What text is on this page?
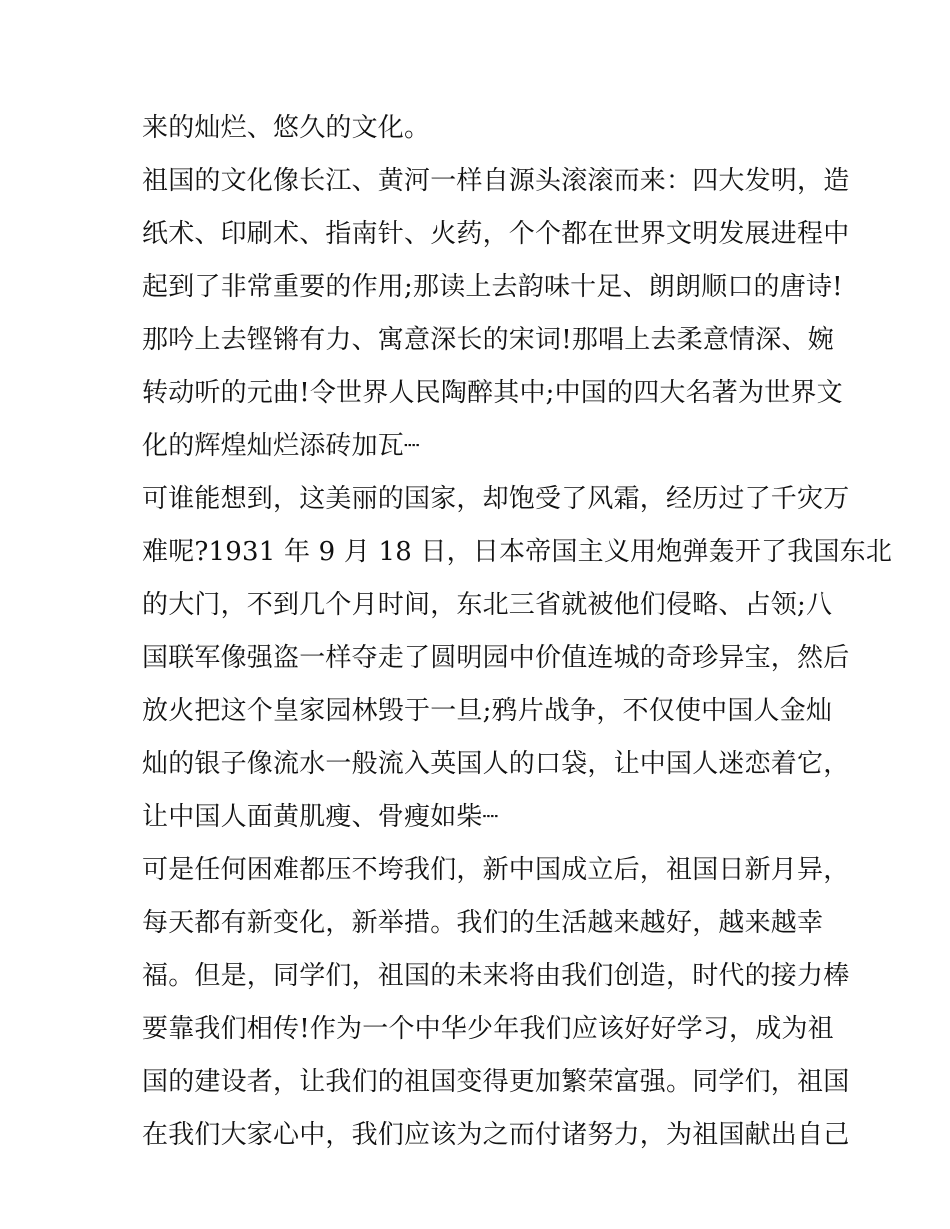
来的灿烂、悠久的文化。
祖国的文化像长江、黄河一样自源头滚滚而来：四大发明，造
纸术、印刷术、指南针、火药，个个都在世界文明发展进程中
起到了非常重要的作用;那读上去韵味十足、朗朗顺口的唐诗!
那吟上去铿锵有力、寓意深长的宋词!那唱上去柔意情深、婉
转动听的元曲!令世界人民陶醉其中;中国的四大名著为世界文
化的辉煌灿烂添砖加瓦┈
可谁能想到，这美丽的国家，却饱受了风霜，经历过了千灾万
难呢?1931 年 9 月 18 日，日本帝国主义用炮弹轰开了我国东北
的大门，不到几个月时间，东北三省就被他们侵略、占领;八
国联军像强盗一样夺走了圆明园中价值连城的奇珍异宝，然后
放火把这个皇家园林毁于一旦;鸦片战争，不仅使中国人金灿
灿的银子像流水一般流入英国人的口袋，让中国人迷恋着它，
让中国人面黄肌瘦、骨瘦如柴┈
可是任何困难都压不垮我们，新中国成立后，祖国日新月异，
每天都有新变化，新举措。我们的生活越来越好，越来越幸
福。但是，同学们，祖国的未来将由我们创造，时代的接力棒
要靠我们相传!作为一个中华少年我们应该好好学习，成为祖
国的建设者，让我们的祖国变得更加繁荣富强。同学们，祖国
在我们大家心中，我们应该为之而付诸努力，为祖国献出自己
